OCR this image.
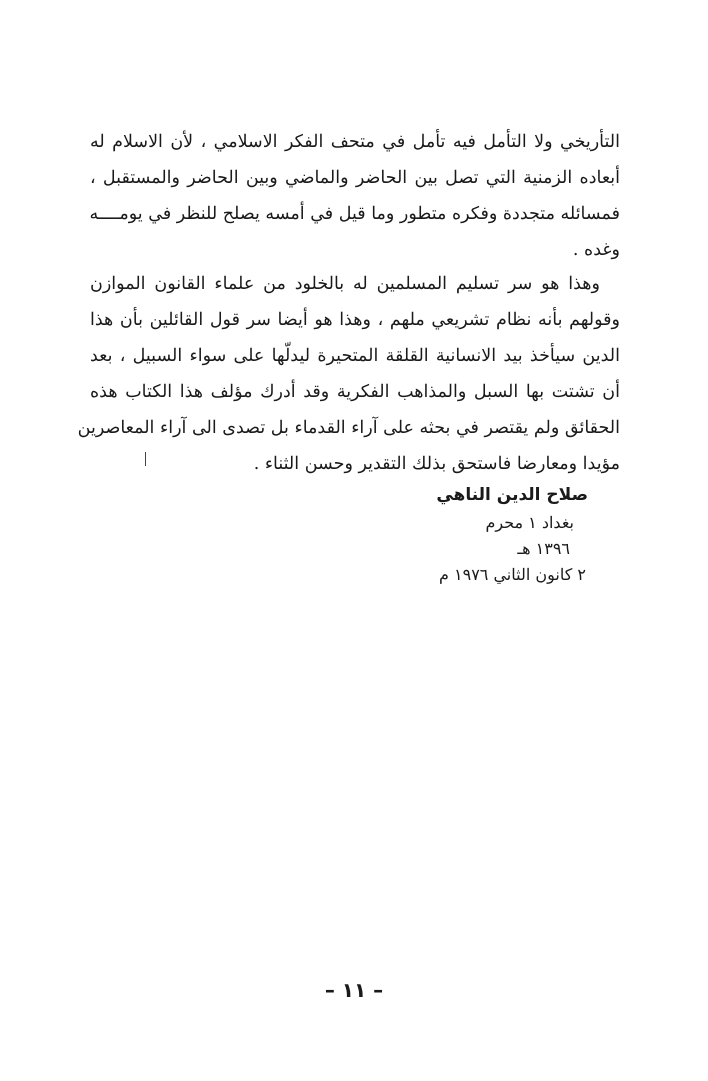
التأريخي ولا التأمل فيه تأمل في متحف الفكر الاسلامي ، لأن الاسلام له
أبعاده الزمنية التي تصل بين الحاضر والماضي وبين الحاضر والمستقبل ،
فمسائله متجددة وفكره متطور وما قيل في أمسه يصلح للنظر في يومــــه
وغده .
وهذا هو سر تسليم المسلمين له بالخلود من علماء القانون الموازن
وقولهم بأنه نظام تشريعي ملهم ، وهذا هو أيضا سر قول القائلين بأن هذا
الدين سيأخذ بيد الانسانية القلقة المتحيرة ليدلّها على سواء السبيل ، بعد
أن تشتت بها السبل والمذاهب الفكرية وقد أدرك مؤلف هذا الكتاب هذه
الحقائق ولم يقتصر في بحثه على آراء القدماء بل تصدى الى آراء المعاصرين
مؤيدا ومعارضا فاستحق بذلك التقدير وحسن الثناء .
صلاح الدين الناهي
بغداد ١ محرم
١٣٩٦ هـ
٢ كانون الثاني ١٩٧٦ م
– ١١ –
